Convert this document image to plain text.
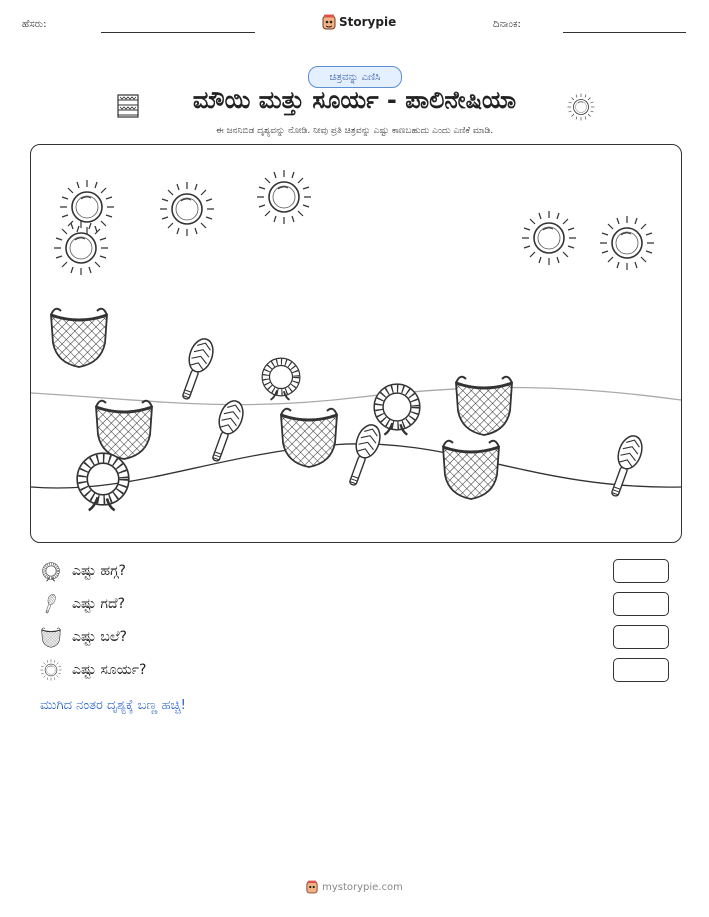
ಹೆಸರು:	Storypie	ದಿನಾಂಕ:
ಚಿತ್ರವನ್ನು ಎಣಿಸಿ
ಮೌಯಿ ಮತ್ತು ಸೂರ್ಯ - ಪಾಲಿನೇಷಿಯಾ
ಈ ಜನನಿಬಿಡ ದೃಶ್ಯವನ್ನು ನೋಡಿ. ನೀವು ಪ್ರತಿ ಚಿತ್ರವನ್ನು ಎಷ್ಟು ಕಾಣಬಹುದು ಎಂದು ಎಣಿಕೆ ಮಾಡಿ.
ಎಷ್ಟು ಹಗ್ಗ?
ಎಷ್ಟು ಗದೆ?
ಎಷ್ಟು ಬಲೆ?
ಎಷ್ಟು ಸೂರ್ಯ?
ಮುಗಿದ ನಂತರ ದೃಶ್ಯಕ್ಕೆ ಬಣ್ಣ ಹಚ್ಚಿ!
mystorypie.com
